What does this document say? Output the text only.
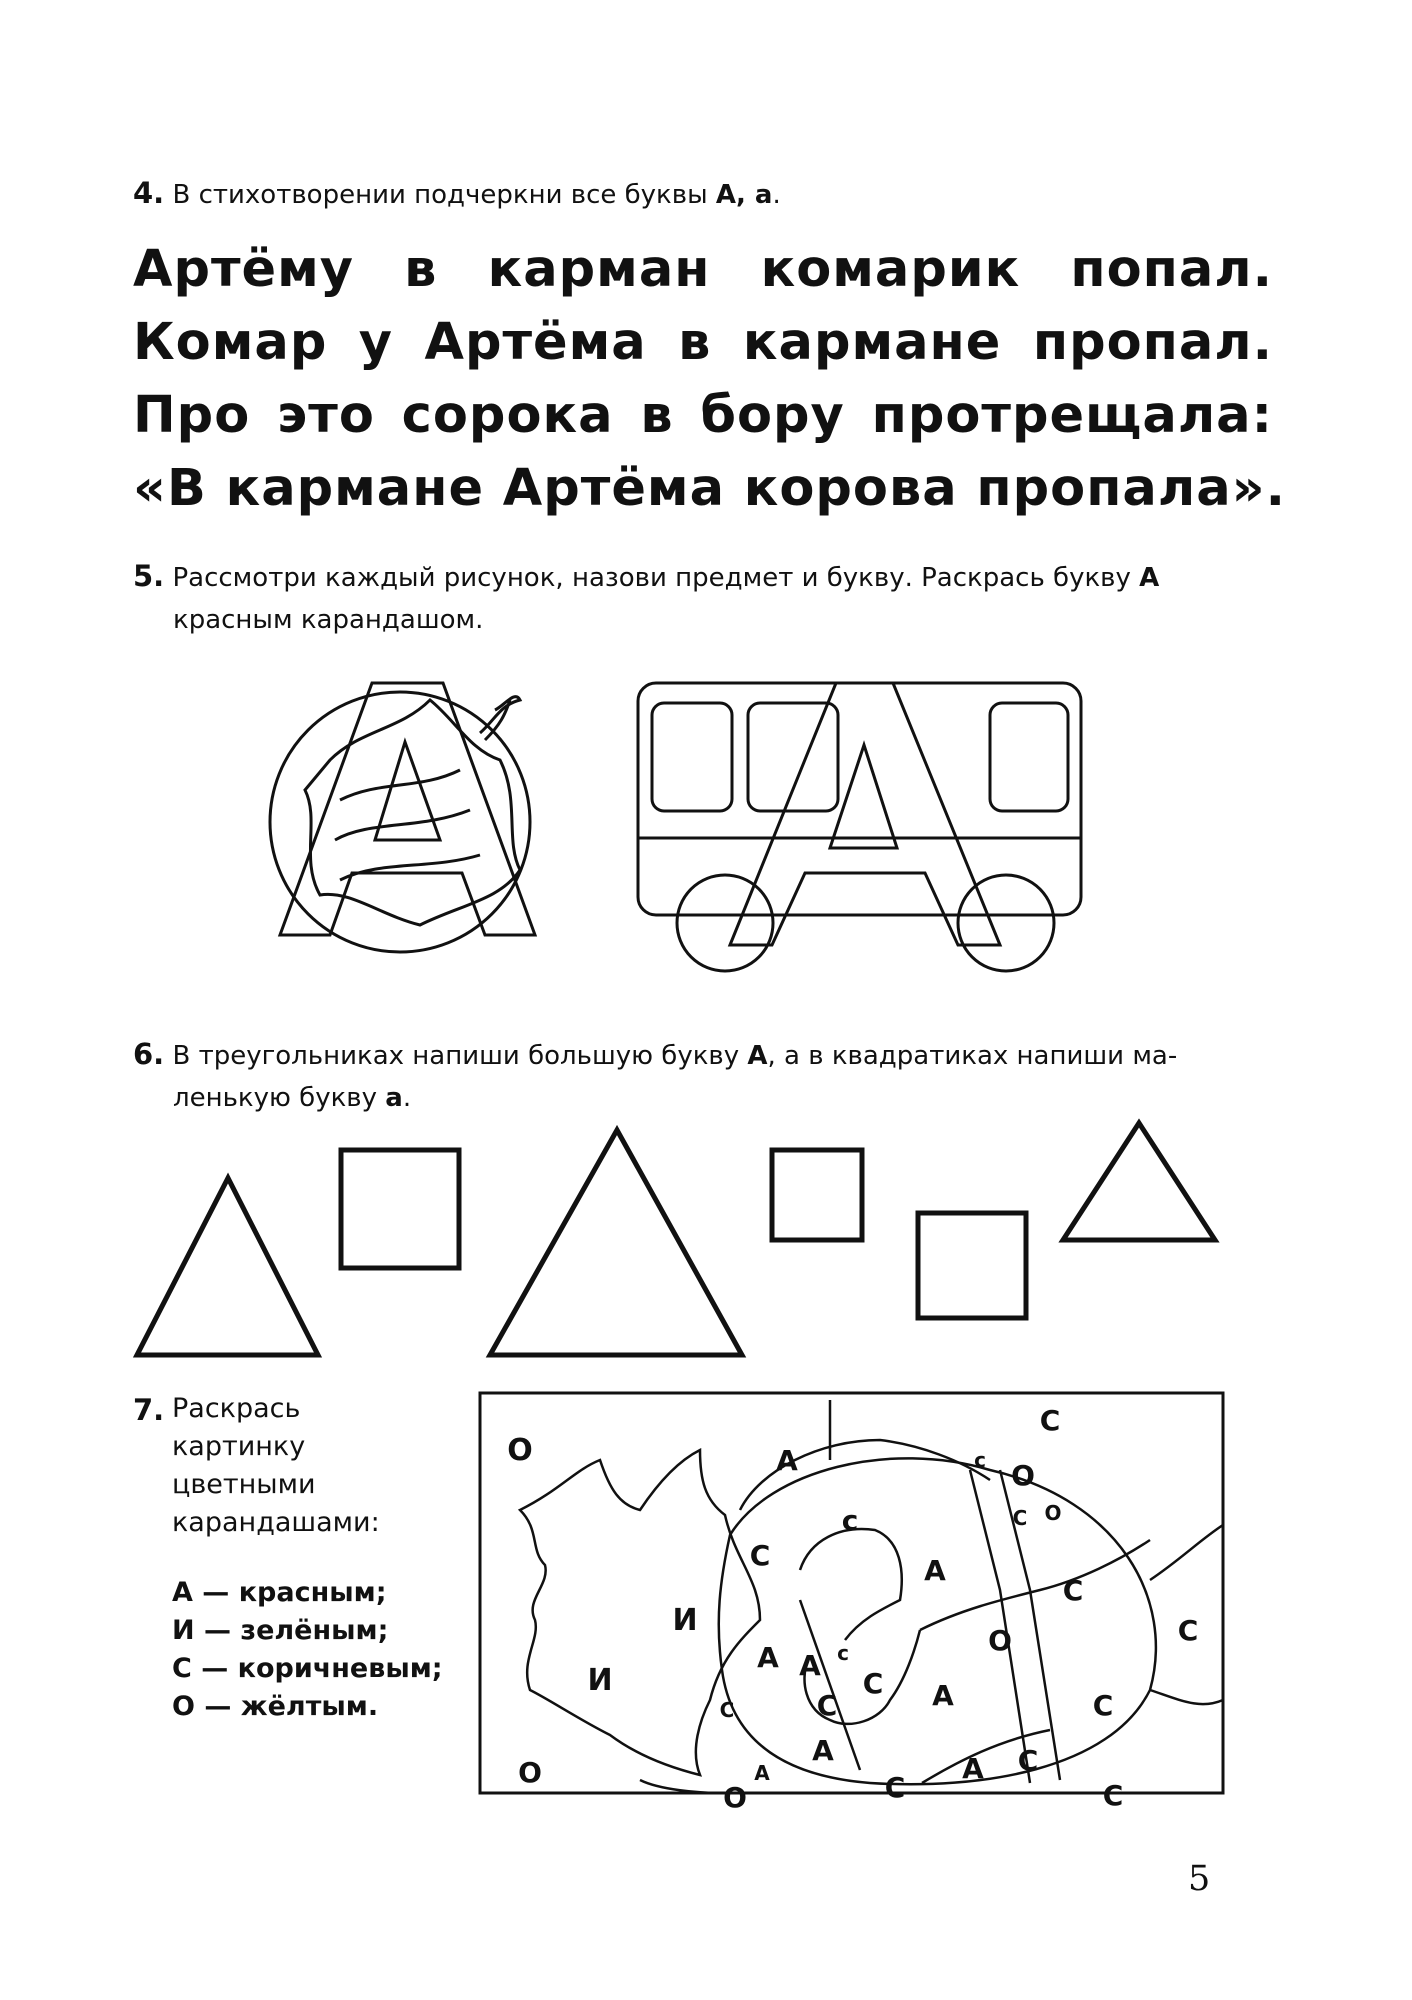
4. В стихотворении подчеркни все буквы А, а.

Артёму в карман комарик попал.
Комар у Артёма в кармане пропал.
Про это сорока в бору протрещала:
«В кармане Артёма корова пропала».

5. Рассмотри каждый рисунок, назови предмет и букву. Раскрась букву А
красным карандашом.

6. В треугольниках напиши большую букву А, а в квадратиках напиши ма-
ленькую букву а.

7. Раскрась
картинку
цветными
карандашами:
А — красным;
И — зелёным;
С — коричневым;
О — жёлтым.
О	А	с
С
О
С
с
С	А
С
С
И
А	с	О
А
С
И	С А	С
С
С
А
А	А
С
О
О	С
О
5
